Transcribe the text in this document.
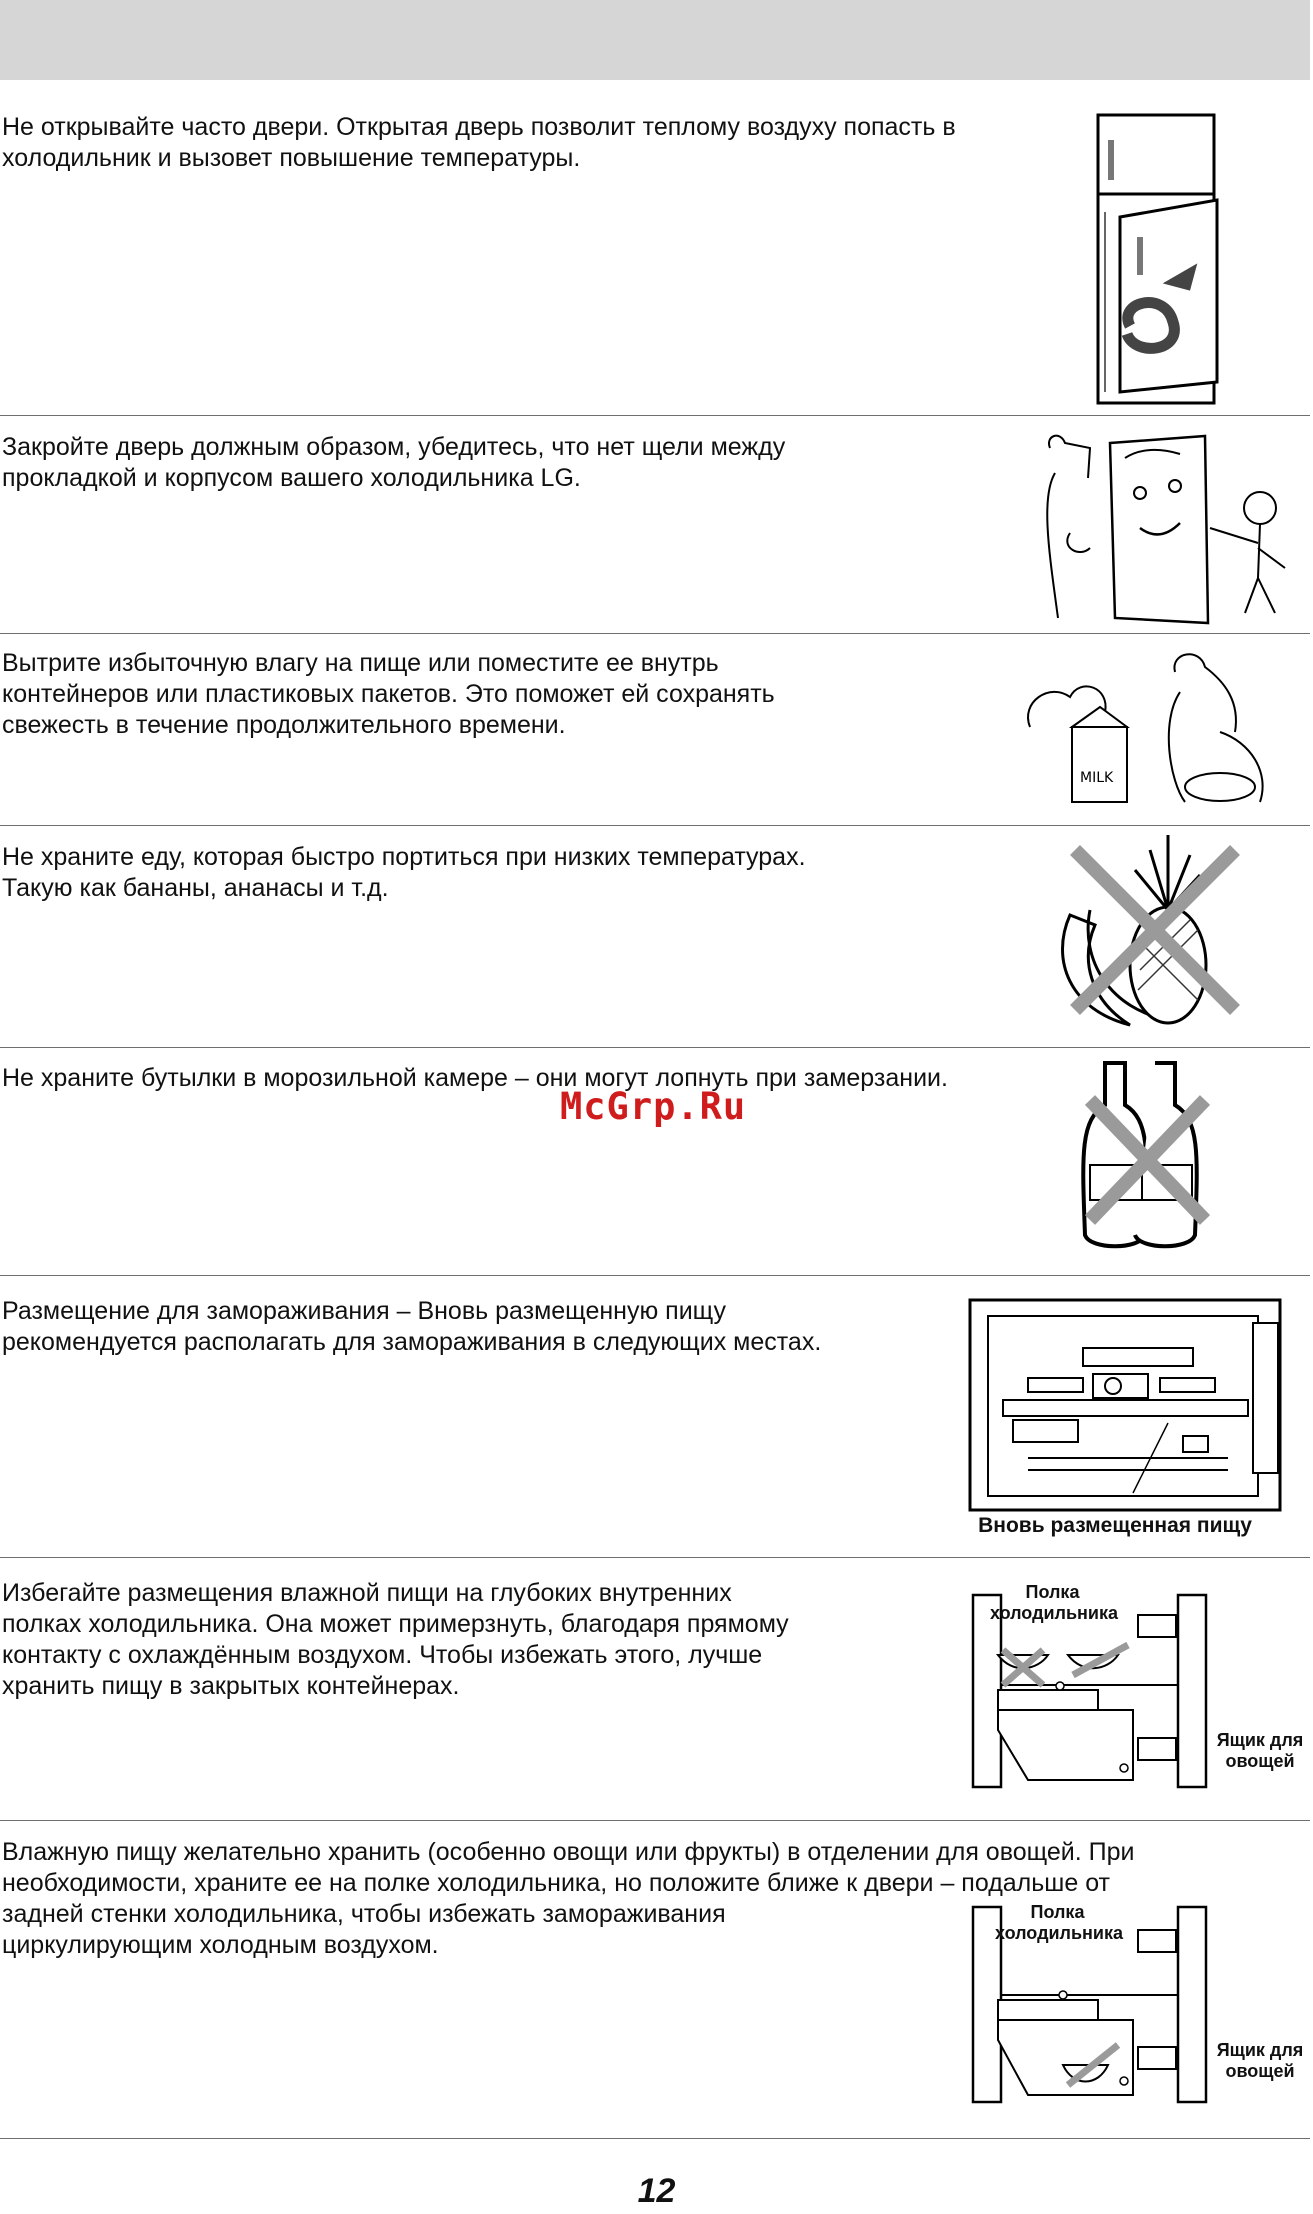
Не открывайте часто двери. Открытая дверь позволит теплому воздуху попасть в
холодильник и вызовет повышение температуры.
Закройте дверь должным образом, убедитесь, что нет щели между
прокладкой и корпусом вашего холодильника LG.
Вытрите избыточную влагу на пище или поместите ее внутрь
контейнеров или пластиковых пакетов. Это поможет ей сохранять
свежесть в течение продолжительного времени.
MILK
Не храните еду, которая быстро портиться при низких температурах.
Такую как бананы, ананасы и т.д.
Не храните бутылки в морозильной камере – они могут лопнуть при замерзании.
McGrp.Ru
Размещение для замораживания – Вновь размещенную пищу
рекомендуется располагать для замораживания в следующих местах.
Вновь размещенная пищу
Избегайте размещения влажной пищи на глубоких внутренних
полках холодильника. Она может примерзнуть, благодаря прямому
контакту с охлаждённым воздухом. Чтобы избежать этого, лучше
хранить пищу в закрытых контейнерах.
Полка
холодильника
Ящик для
овощей
Влажную пищу желательно хранить (особенно овощи или фрукты) в отделении для овощей. При
необходимости, храните ее на полке холодильника, но положите ближе к двери – подальше от
задней стенки холодильника, чтобы избежать замораживания
циркулирующим холодным воздухом.
Полка
холодильника
Ящик для
овощей
12
